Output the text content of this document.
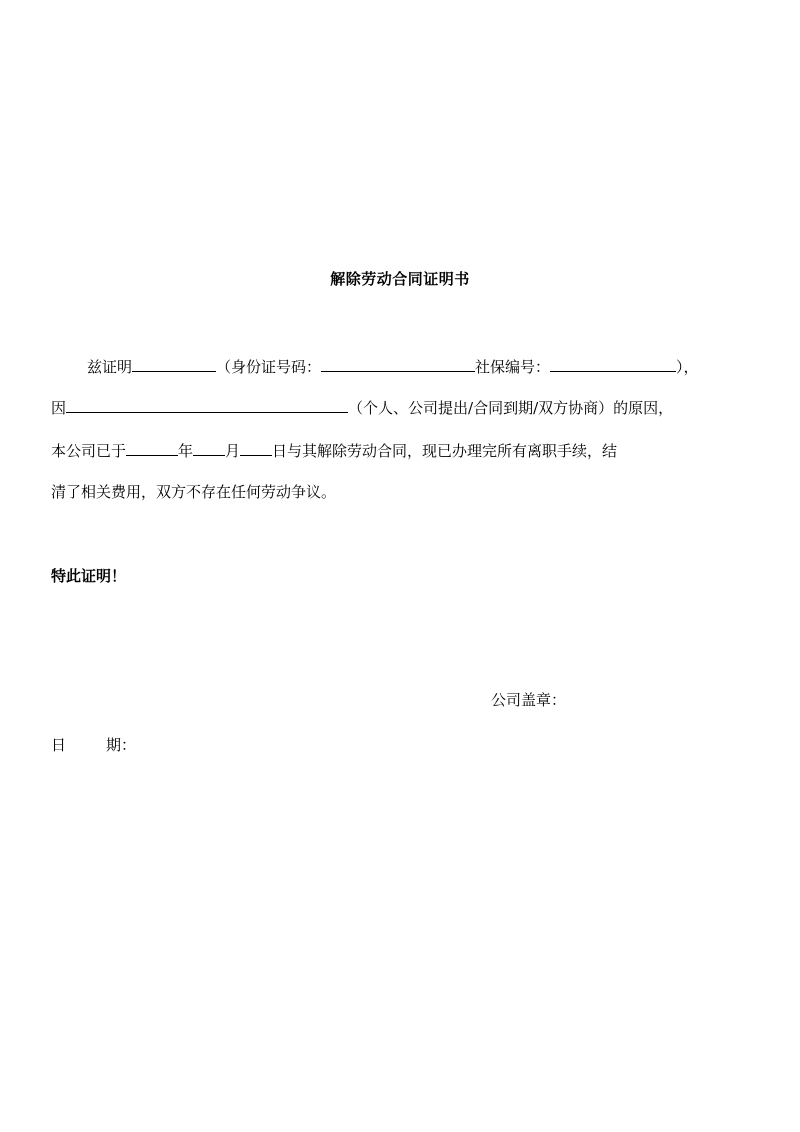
解除劳动合同证明书
兹证明	（身份证号码：	社保编号：	），
因	（个人、公司提出/合同到期/双方协商）的原因，
本公司已于	年 月 日与其解除劳动合同，现已办理完所有离职手续，结
清了相关费用，双方不存在任何劳动争议。
特此证明！
公司盖章：
日	期：
